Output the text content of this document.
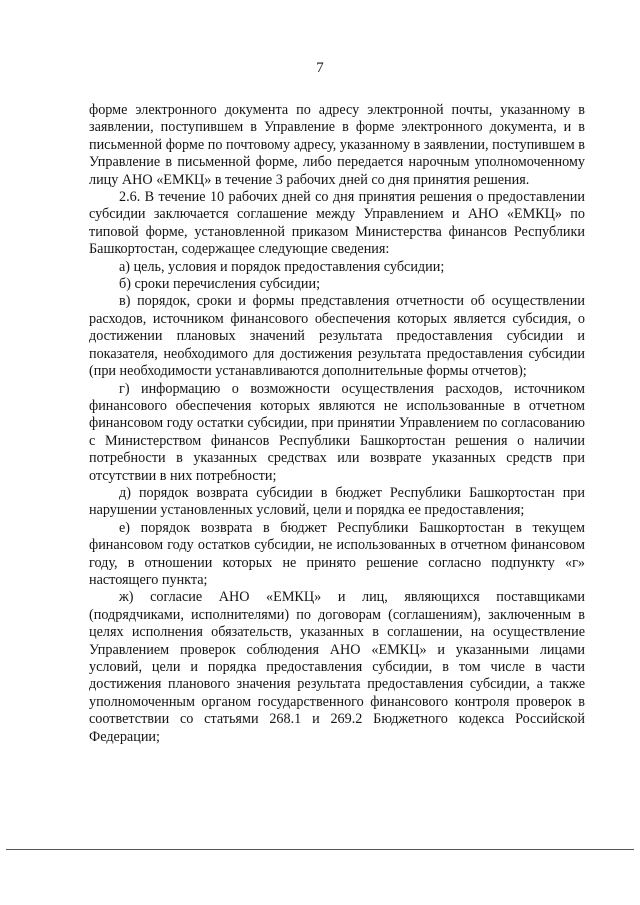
7

форме электронного документа по адресу электронной почты, указанному в заявлении, поступившем в Управление в форме электронного документа, и в письменной форме по почтовому адресу, указанному в заявлении, поступившем в Управление в письменной форме, либо передается нарочным уполномоченному лицу АНО «ЕМКЦ» в течение 3 рабочих дней со дня принятия решения.

2.6. В течение 10 рабочих дней со дня принятия решения о предоставлении субсидии заключается соглашение между Управлением и АНО «ЕМКЦ» по типовой форме, установленной приказом Министерства финансов Республики Башкортостан, содержащее следующие сведения:

а) цель, условия и порядок предоставления субсидии;

б) сроки перечисления субсидии;

в) порядок, сроки и формы представления отчетности об осуществлении расходов, источником финансового обеспечения которых является субсидия, о достижении плановых значений результата предоставления субсидии и показателя, необходимого для достижения результата предоставления субсидии (при необходимости устанавливаются дополнительные формы отчетов);

г) информацию о возможности осуществления расходов, источником финансового обеспечения которых являются не использованные в отчетном финансовом году остатки субсидии, при принятии Управлением по согласованию с Министерством финансов Республики Башкортостан решения о наличии потребности в указанных средствах или возврате указанных средств при отсутствии в них потребности;

д) порядок возврата субсидии в бюджет Республики Башкортостан при нарушении установленных условий, цели и порядка ее предоставления;

е) порядок возврата в бюджет Республики Башкортостан в текущем финансовом году остатков субсидии, не использованных в отчетном финансовом году, в отношении которых не принято решение согласно подпункту «г» настоящего пункта;

ж) согласие АНО «ЕМКЦ» и лиц, являющихся поставщиками (подрядчиками, исполнителями) по договорам (соглашениям), заключенным в целях исполнения обязательств, указанных в соглашении, на осуществление Управлением проверок соблюдения АНО «ЕМКЦ» и указанными лицами условий, цели и порядка предоставления субсидии, в том числе в части достижения планового значения результата предоставления субсидии, а также уполномоченным органом государственного финансового контроля проверок в соответствии со статьями 268.1 и 269.2 Бюджетного кодекса Российской Федерации;
